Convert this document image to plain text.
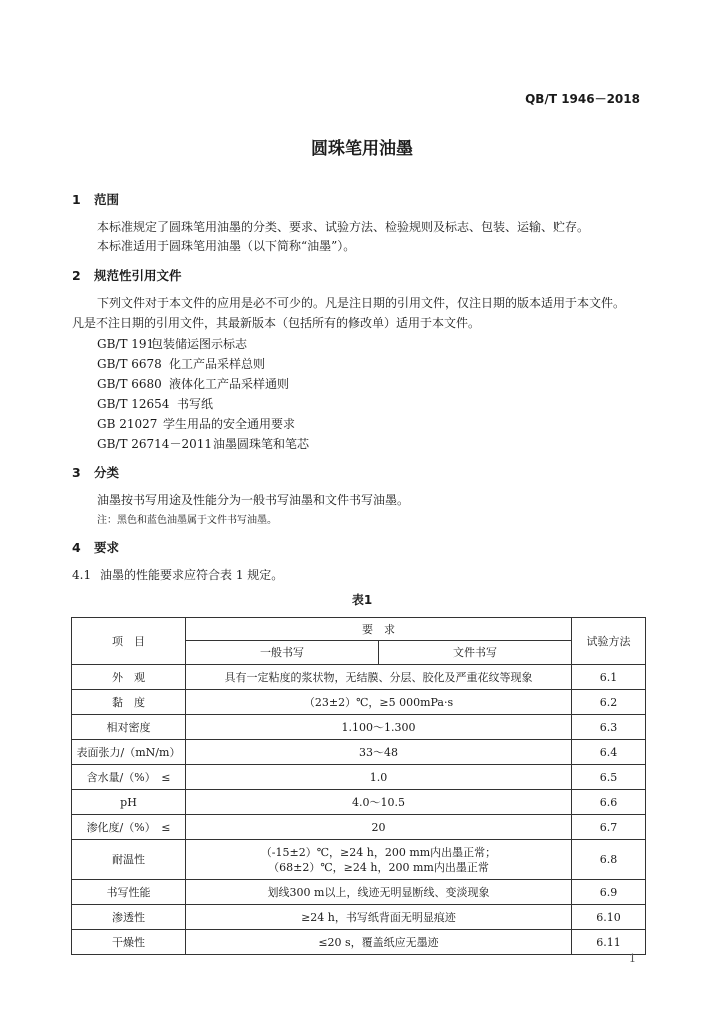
QB/T 1946－2018
圆珠笔用油墨
1 范围
本标准规定了圆珠笔用油墨的分类、要求、试验方法、检验规则及标志、包装、运输、贮存。
本标准适用于圆珠笔用油墨（以下简称“油墨”）。
2 规范性引用文件
下列文件对于本文件的应用是必不可少的。凡是注日期的引用文件，仅注日期的版本适用于本文件。
凡是不注日期的引用文件，其最新版本（包括所有的修改单）适用于本文件。
GB/T 191包装储运图示标志
GB/T 6678 化工产品采样总则
GB/T 6680 液体化工产品采样通则
GB/T 12654 书写纸
GB 21027 学生用品的安全通用要求
GB/T 26714－2011油墨圆珠笔和笔芯
3 分类
油墨按书写用途及性能分为一般书写油墨和文件书写油墨。
注：黑色和蓝色油墨属于文件书写油墨。
4 要求
4.1 油墨的性能要求应符合表 1 规定。
表1
项　目	要　求		试验方法
	一般书写	文件书写	
外　观	具有一定粘度的浆状物，无结膜、分层、胶化及严重花纹等现象		6.1
黏　度	（23±2）℃，≥5 000mPa·s		6.2
相对密度	1.100～1.300		6.3
表面张力/（mN/m）	33～48		6.4
含水量/（%）　≤	1.0		6.5
pH	4.0～10.5		6.6
渗化度/（%）　≤	20		6.7
耐温性	（-15±2）℃，≥24 h，200 mm内出墨正常；
（68±2）℃，≥24 h，200 mm内出墨正常		6.8
书写性能	划线300 m以上，线迹无明显断线、变淡现象		6.9
渗透性	≥24 h，书写纸背面无明显痕迹		6.10
干燥性	≤20 s，覆盖纸应无墨迹		6.11
1
